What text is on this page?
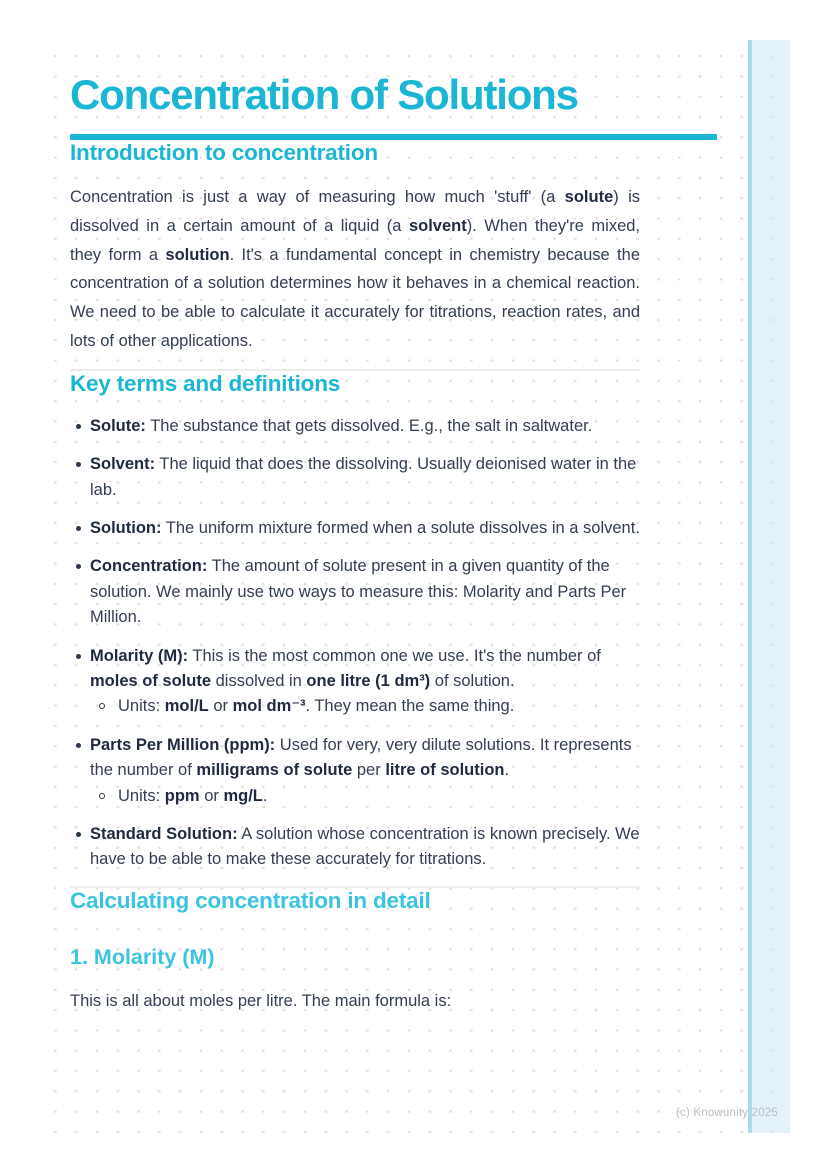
Concentration of Solutions
Introduction to concentration

Concentration is just a way of measuring how much 'stuff' (a solute) is dissolved in a certain amount of a liquid (a solvent). When they're mixed, they form a solution. It's a fundamental concept in chemistry because the concentration of a solution determines how it behaves in a chemical reaction. We need to be able to calculate it accurately for titrations, reaction rates, and lots of other applications.

Key terms and definitions
Solute: The substance that gets dissolved. E.g., the salt in saltwater.
Solvent: The liquid that does the dissolving. Usually deionised water in the lab.
Solution: The uniform mixture formed when a solute dissolves in a solvent.
Concentration: The amount of solute present in a given quantity of the solution. We mainly use two ways to measure this: Molarity and Parts Per Million.
Molarity (M): This is the most common one we use. It's the number of moles of solute dissolved in one litre (1 dm³) of solution.
Units: mol/L or mol dm⁻³. They mean the same thing.
Parts Per Million (ppm): Used for very, very dilute solutions. It represents the number of milligrams of solute per litre of solution.
Units: ppm or mg/L.
Standard Solution: A solution whose concentration is known precisely. We have to be able to make these accurately for titrations.
Calculating concentration in detail
1. Molarity (M)

This is all about moles per litre. The main formula is:

(c) Knowunity 2025
